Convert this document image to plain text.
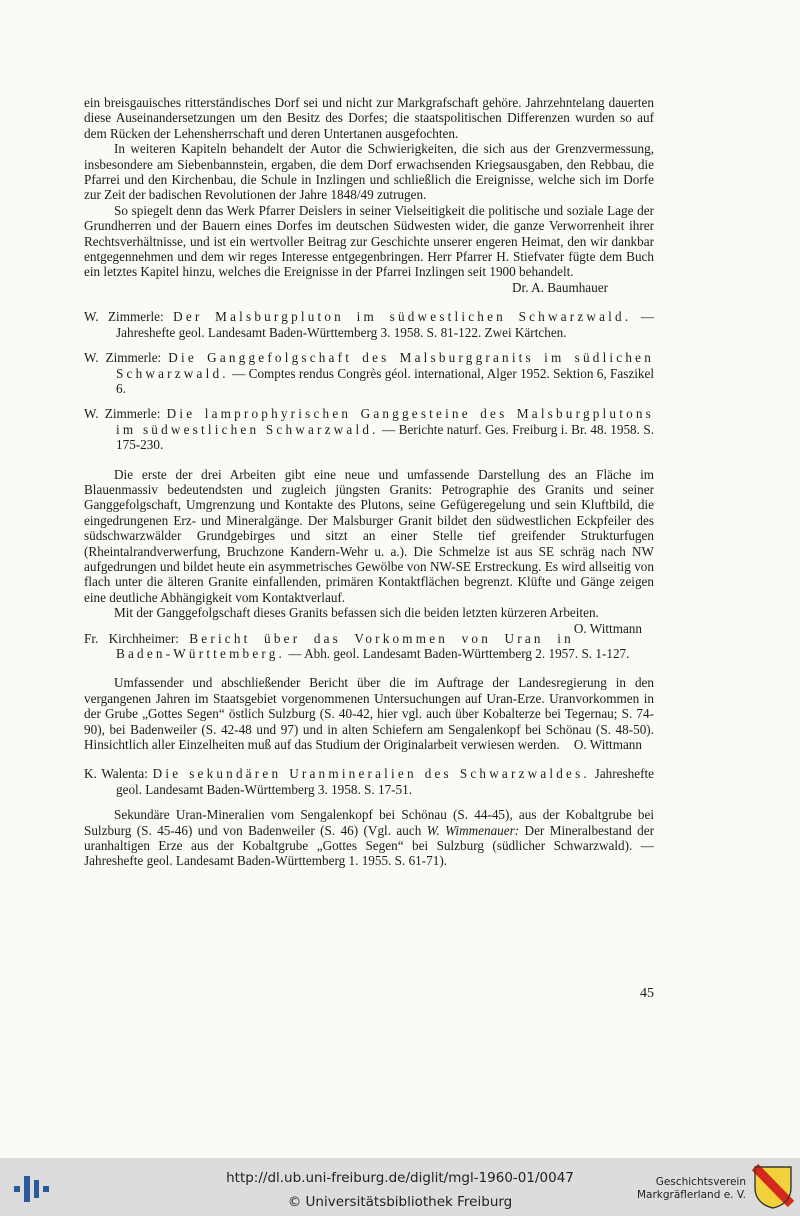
ein breisgauisches ritterständisches Dorf sei und nicht zur Markgrafschaft gehöre. Jahrzehntelang dauerten diese Auseinandersetzungen um den Besitz des Dorfes; die staatspolitischen Differenzen wurden so auf dem Rücken der Lehensherrschaft und deren Untertanen ausgefochten.

In weiteren Kapiteln behandelt der Autor die Schwierigkeiten, die sich aus der Grenzvermessung, insbesondere am Siebenbannstein, ergaben, die dem Dorf erwachsenden Kriegsausgaben, den Rebbau, die Pfarrei und den Kirchenbau, die Schule in Inzlingen und schließlich die Ereignisse, welche sich im Dorfe zur Zeit der badischen Revolutionen der Jahre 1848/49 zutrugen.

So spiegelt denn das Werk Pfarrer Deislers in seiner Vielseitigkeit die politische und soziale Lage der Grundherren und der Bauern eines Dorfes im deutschen Südwesten wider, die ganze Verworrenheit ihrer Rechtsverhältnisse, und ist ein wertvoller Beitrag zur Geschichte unserer engeren Heimat, den wir dankbar entgegennehmen und dem wir reges Interesse entgegenbringen. Herr Pfarrer H. Stiefvater fügte dem Buch ein letztes Kapitel hinzu, welches die Ereignisse in der Pfarrei Inzlingen seit 1900 behandelt.

Dr. A. Baumhauer

W. Zimmerle: Der Malsburgpluton im südwestlichen Schwarzwald. — Jahreshefte geol. Landesamt Baden-Württemberg 3. 1958. S. 81-122. Zwei Kärtchen.

W. Zimmerle: Die Ganggefolgschaft des Malsburggranits im südlichen Schwarzwald. — Comptes rendus Congrès géol. international, Alger 1952. Sektion 6, Faszikel 6.

W. Zimmerle: Die lamprophyrischen Ganggesteine des Malsburgplutons im südwestlichen Schwarzwald. — Berichte naturf. Ges. Freiburg i. Br. 48. 1958. S. 175-230.

Die erste der drei Arbeiten gibt eine neue und umfassende Darstellung des an Fläche im Blauenmassiv bedeutendsten und zugleich jüngsten Granits: Petrographie des Granits und seiner Ganggefolgschaft, Umgrenzung und Kontakte des Plutons, seine Gefügeregelung und sein Kluftbild, die eingedrungenen Erz- und Mineralgänge. Der Malsburger Granit bildet den südwestlichen Eckpfeiler des südschwarzwälder Grundgebirges und sitzt an einer Stelle tief greifender Strukturfugen (Rheintalrandverwerfung, Bruchzone Kandern-Wehr u. a.). Die Schmelze ist aus SE schräg nach NW aufgedrungen und bildet heute ein asymmetrisches Gewölbe von NW-SE Erstreckung. Es wird allseitig von flach unter die älteren Granite einfallenden, primären Kontaktflächen begrenzt. Klüfte und Gänge zeigen eine deutliche Abhängigkeit vom Kontaktverlauf.

Mit der Ganggefolgschaft dieses Granits befassen sich die beiden letzten kürzeren Arbeiten.
O. Wittmann

Fr. Kirchheimer: Bericht über das Vorkommen von Uran in Baden-Württemberg. — Abh. geol. Landesamt Baden-Württemberg 2. 1957. S. 1-127.

Umfassender und abschließender Bericht über die im Auftrage der Landesregierung in den vergangenen Jahren im Staatsgebiet vorgenommenen Untersuchungen auf Uran-Erze. Uranvorkommen in der Grube „Gottes Segen“ östlich Sulzburg (S. 40-42, hier vgl. auch über Kobalterze bei Tegernau; S. 74-90), bei Badenweiler (S. 42-48 und 97) und in alten Schiefern am Sengalenkopf bei Schönau (S. 48-50). Hinsichtlich aller Einzelheiten muß auf das Studium der Originalarbeit verwiesen werden. O. Wittmann

K. Walenta: Die sekundären Uranmineralien des Schwarzwaldes. Jahreshefte geol. Landesamt Baden-Württemberg 3. 1958. S. 17-51.

Sekundäre Uran-Mineralien vom Sengalenkopf bei Schönau (S. 44-45), aus der Kobaltgrube bei Sulzburg (S. 45-46) und von Badenweiler (S. 46) (Vgl. auch W. Wimmenauer: Der Mineralbestand der uranhaltigen Erze aus der Kobaltgrube „Gottes Segen“ bei Sulzburg (südlicher Schwarzwald). — Jahreshefte geol. Landesamt Baden-Württemberg 1. 1955. S. 61-71).

45
http://dl.ub.uni-freiburg.de/diglit/mgl-1960-01/0047
© Universitätsbibliothek Freiburg
Geschichtsverein
Markgräflerland e. V.
